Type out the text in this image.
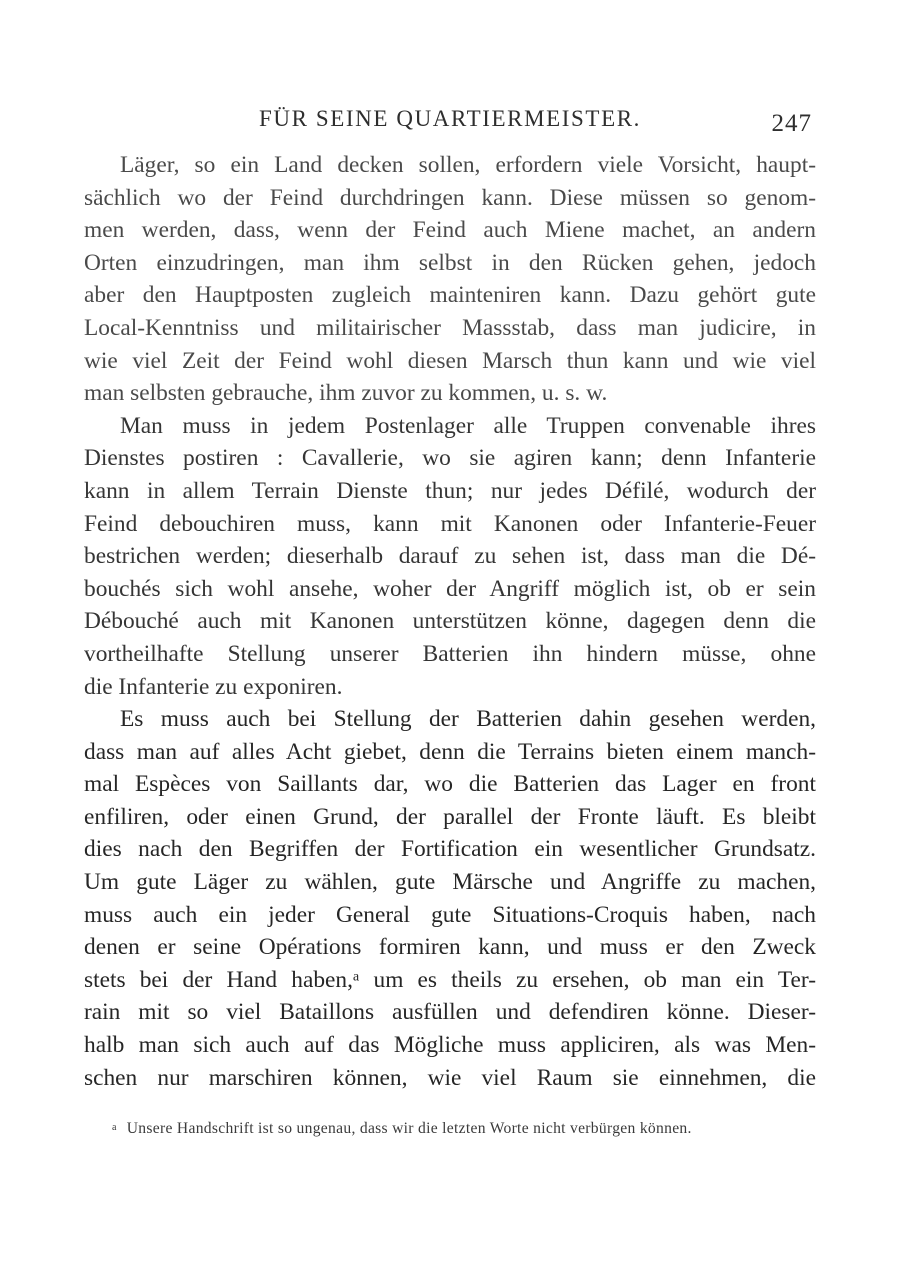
FÜR SEINE QUARTIERMEISTER.	247
Läger, so ein Land decken sollen, erfordern viele Vorsicht, haupt-
sächlich wo der Feind durchdringen kann. Diese müssen so genom-
men werden, dass, wenn der Feind auch Miene machet, an andern
Orten einzudringen, man ihm selbst in den Rücken gehen, jedoch
aber den Hauptposten zugleich mainteniren kann. Dazu gehört gute
Local-Kenntniss und militairischer Massstab, dass man judicire, in
wie viel Zeit der Feind wohl diesen Marsch thun kann und wie viel
man selbsten gebrauche, ihm zuvor zu kommen, u. s. w.
Man muss in jedem Postenlager alle Truppen convenable ihres
Dienstes postiren : Cavallerie, wo sie agiren kann; denn Infanterie
kann in allem Terrain Dienste thun; nur jedes Défilé, wodurch der
Feind debouchiren muss, kann mit Kanonen oder Infanterie-Feuer
bestrichen werden; dieserhalb darauf zu sehen ist, dass man die Dé-
bouchés sich wohl ansehe, woher der Angriff möglich ist, ob er sein
Débouché auch mit Kanonen unterstützen könne, dagegen denn die
vortheilhafte Stellung unserer Batterien ihn hindern müsse, ohne
die Infanterie zu exponiren.
Es muss auch bei Stellung der Batterien dahin gesehen werden,
dass man auf alles Acht giebet, denn die Terrains bieten einem manch-
mal Espèces von Saillants dar, wo die Batterien das Lager en front
enfiliren, oder einen Grund, der parallel der Fronte läuft. Es bleibt
dies nach den Begriffen der Fortification ein wesentlicher Grundsatz.
Um gute Läger zu wählen, gute Märsche und Angriffe zu machen,
muss auch ein jeder General gute Situations-Croquis haben, nach
denen er seine Opérations formiren kann, und muss er den Zweck
stets bei der Hand haben,ᵃ um es theils zu ersehen, ob man ein Ter-
rain mit so viel Bataillons ausfüllen und defendiren könne. Dieser-
halb man sich auch auf das Mögliche muss appliciren, als was Men-
schen nur marschiren können, wie viel Raum sie einnehmen, die
a Unsere Handschrift ist so ungenau, dass wir die letzten Worte nicht verbürgen können.
